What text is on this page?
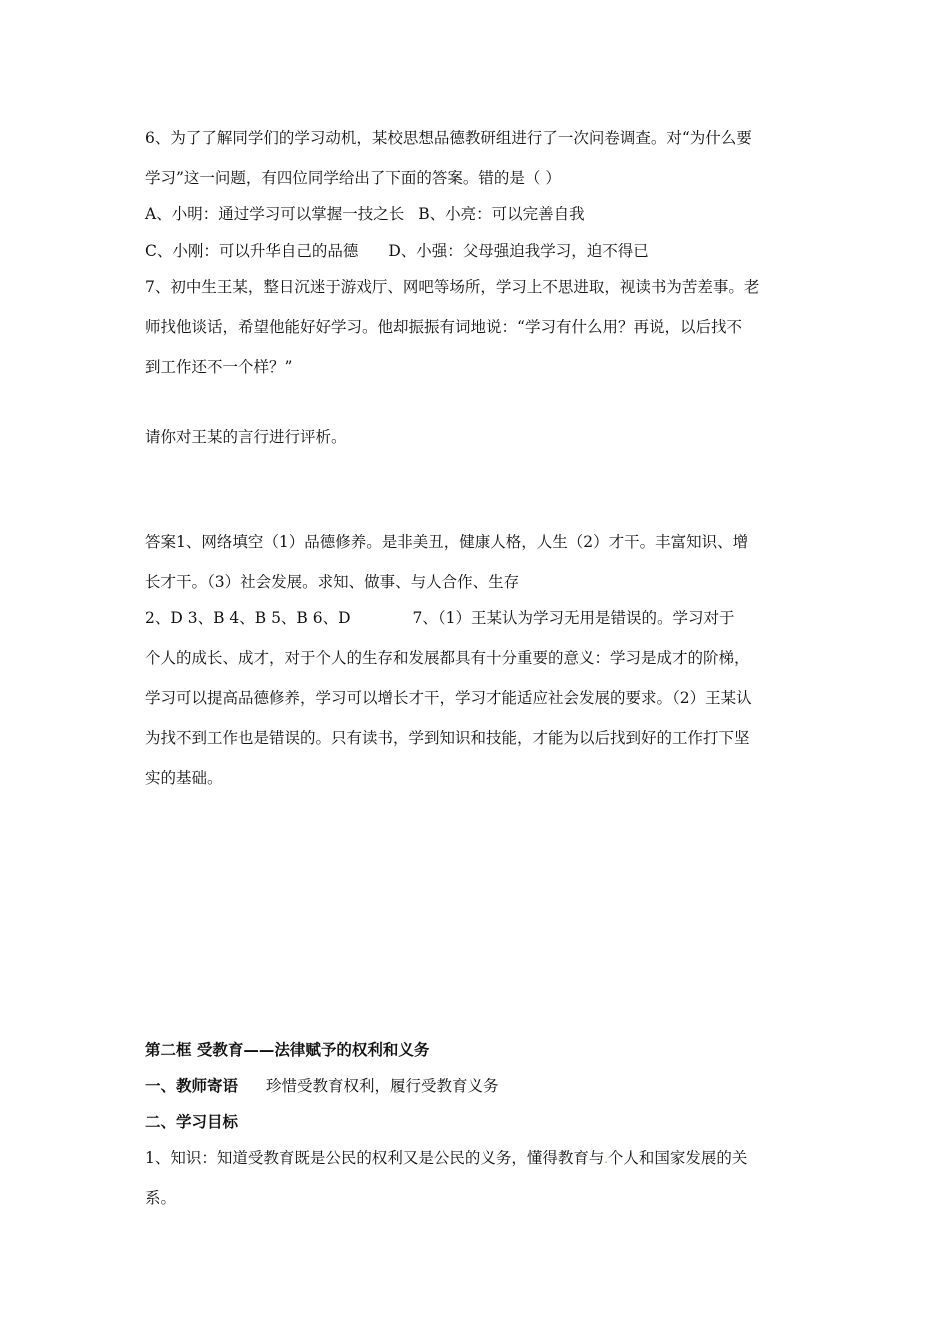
6、为了了解同学们的学习动机，某校思想品德教研组进行了一次问卷调查。对“为什么要
学习”这一问题，有四位同学给出了下面的答案。错的是（ ）
A、小明：通过学习可以掌握一技之长 B、小亮：可以完善自我
C、小刚：可以升华自己的品德 D、小强：父母强迫我学习，迫不得已
7、初中生王某，整日沉迷于游戏厅、网吧等场所，学习上不思进取，视读书为苦差事。老
师找他谈话，希望他能好好学习。他却振振有词地说：“学习有什么用？再说，以后找不
到工作还不一个样？”
请你对王某的言行进行评析。
答案1、网络填空（1）品德修养。是非美丑，健康人格，人生（2）才干。丰富知识、增
长才干。（3）社会发展。求知、做事、与人合作、生存
2、D 3、B 4、B 5、B 6、D	7、（1）王某认为学习无用是错误的。学习对于
个人的成长、成才，对于个人的生存和发展都具有十分重要的意义：学习是成才的阶梯，
学习可以提高品德修养，学习可以增长才干，学习才能适应社会发展的要求。（2）王某认
为找不到工作也是错误的。只有读书，学到知识和技能，才能为以后找到好的工作打下坚
实的基础。
第二框 受教育——法律赋予的权利和义务
一、教师寄语 珍惜受教育权利，履行受教育义务
二、学习目标
1、知识：知道受教育既是公民的权利又是公民的义务，懂得教育与.个人和国家发展的关
系。
